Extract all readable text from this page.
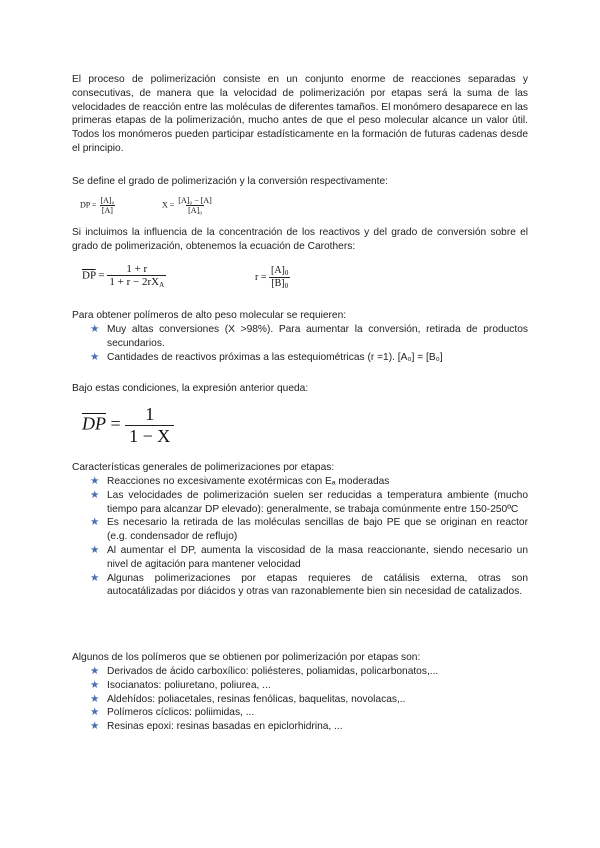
El proceso de polimerización consiste en un conjunto enorme de reacciones separadas y consecutivas, de manera que la velocidad de polimerización por etapas será la suma de las velocidades de reacción entre las moléculas de diferentes tamaños. El monómero desaparece en las primeras etapas de la polimerización, mucho antes de que el peso molecular alcance un valor útil. Todos los monómeros pueden participar estadísticamente en la formación de futuras cadenas desde el principio.

Se define el grado de polimerización y la conversión respectivamente:

DP = $\frac{\text{[A]₀}}{[A]}$	$X = \frac{\text{[A]₀ − [A]}}{\text{[A]₀}}$

Si incluimos la influencia de la concentración de los reactivos y del grado de conversión sobre el grado de polimerización, obtenemos la ecuación de Carothers:

$\overline{DP} = \frac{1 + r}{1 + r - 2rX_A}$	$r = \frac{[A]_0}{[B]_0}$

Para obtener polímeros de alto peso molecular se requieren:

★ Muy altas conversiones (X >98%). Para aumentar la conversión, retirada de productos secundarios.
★ Cantidades de reactivos próximas a las estequiométricas (r =1). [A₀] = [B₀]

Bajo estas condiciones, la expresión anterior queda:

$\overline{DP} = \frac{1}{1 - X}$

Características generales de polimerizaciones por etapas:

★ Reacciones no excesivamente exotérmicas con Eₐ moderadas
★ Las velocidades de polimerización suelen ser reducidas a temperatura ambiente (mucho tiempo para alcanzar DP elevado): generalmente, se trabaja comúnmente entre 150-250ºC
★ Es necesario la retirada de las moléculas sencillas de bajo PE que se originan en reactor (e.g. condensador de reflujo)
★ Al aumentar el DP, aumenta la viscosidad de la masa reaccionante, siendo necesario un nivel de agitación para mantener velocidad
★ Algunas polimerizaciones por etapas requieres de catálisis externa, otras son autocatálizadas por diácidos y otras van razonablemente bien sin necesidad de catalizados.

Algunos de los polímeros que se obtienen por polimerización por etapas son:

★ Derivados de ácido carboxílico: poliésteres, poliamidas, policarbonatos,...
★ Isocianatos: poliuretano, poliurea, ...
★ Aldehídos: poliacetales, resinas fenólicas, baquelitas, novolacas,..
★ Polímeros cíclicos: poliimidas, ...
★ Resinas epoxi: resinas basadas en epiclorhidrina, ...
